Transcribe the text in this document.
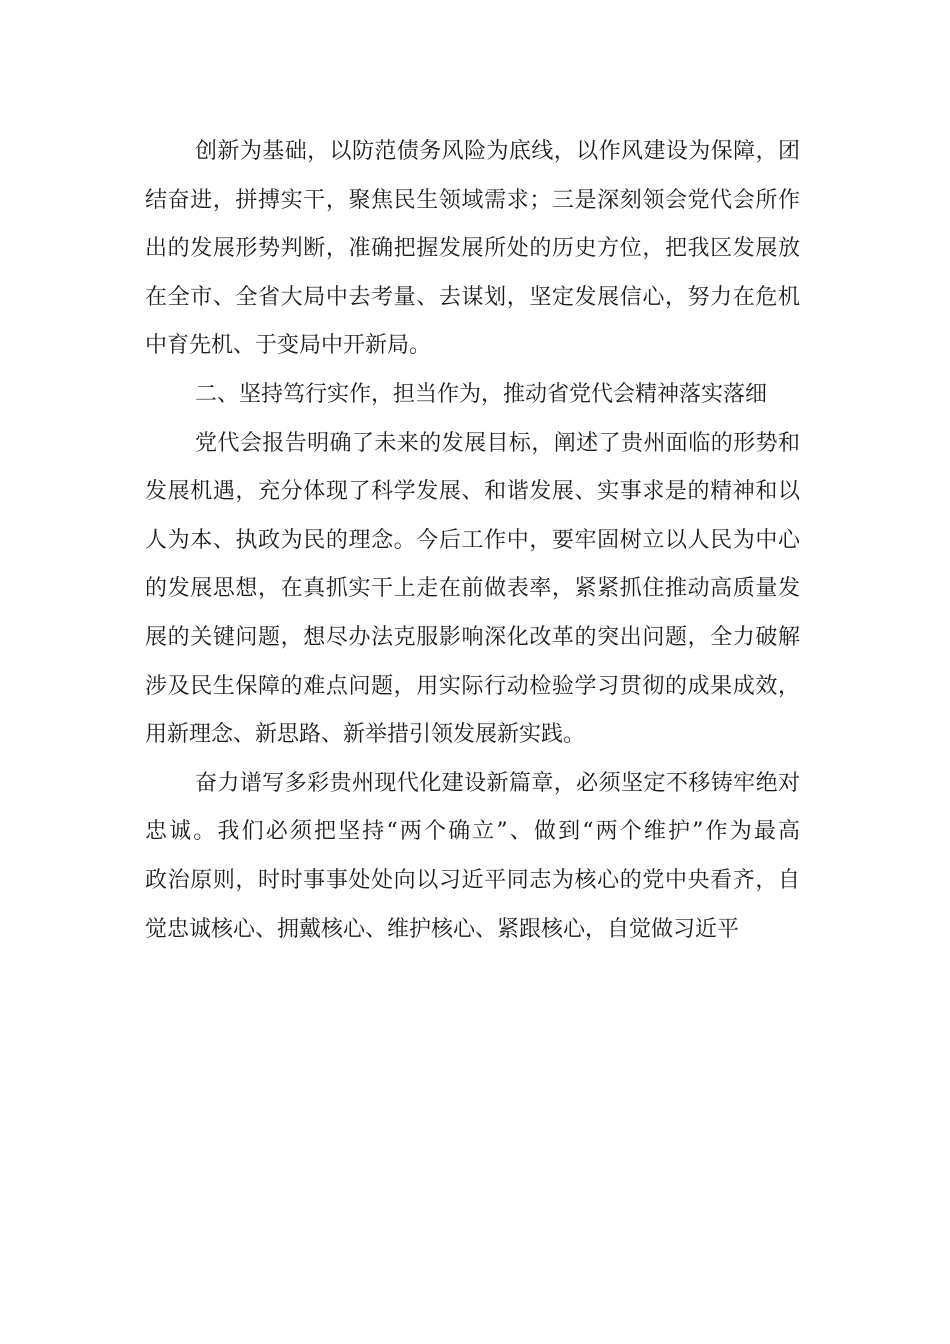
创新为基础，以防范债务风险为底线，以作风建设为保障，团
结奋进，拼搏实干，聚焦民生领域需求；三是深刻领会党代会所作
出的发展形势判断，准确把握发展所处的历史方位，把我区发展放
在全市、全省大局中去考量、去谋划，坚定发展信心，努力在危机
中育先机、于变局中开新局。
二、坚持笃行实作，担当作为，推动省党代会精神落实落细
党代会报告明确了未来的发展目标，阐述了贵州面临的形势和
发展机遇，充分体现了科学发展、和谐发展、实事求是的精神和以
人为本、执政为民的理念。今后工作中，要牢固树立以人民为中心
的发展思想，在真抓实干上走在前做表率，紧紧抓住推动高质量发
展的关键问题，想尽办法克服影响深化改革的突出问题，全力破解
涉及民生保障的难点问题，用实际行动检验学习贯彻的成果成效，
用新理念、新思路、新举措引领发展新实践。
奋力谱写多彩贵州现代化建设新篇章，必须坚定不移铸牢绝对
忠诚。我们必须把坚持“两个确立”、做到“两个维护”作为最高
政治原则，时时事事处处向以习近平同志为核心的党中央看齐，自
觉忠诚核心、拥戴核心、维护核心、紧跟核心，自觉做习近平
